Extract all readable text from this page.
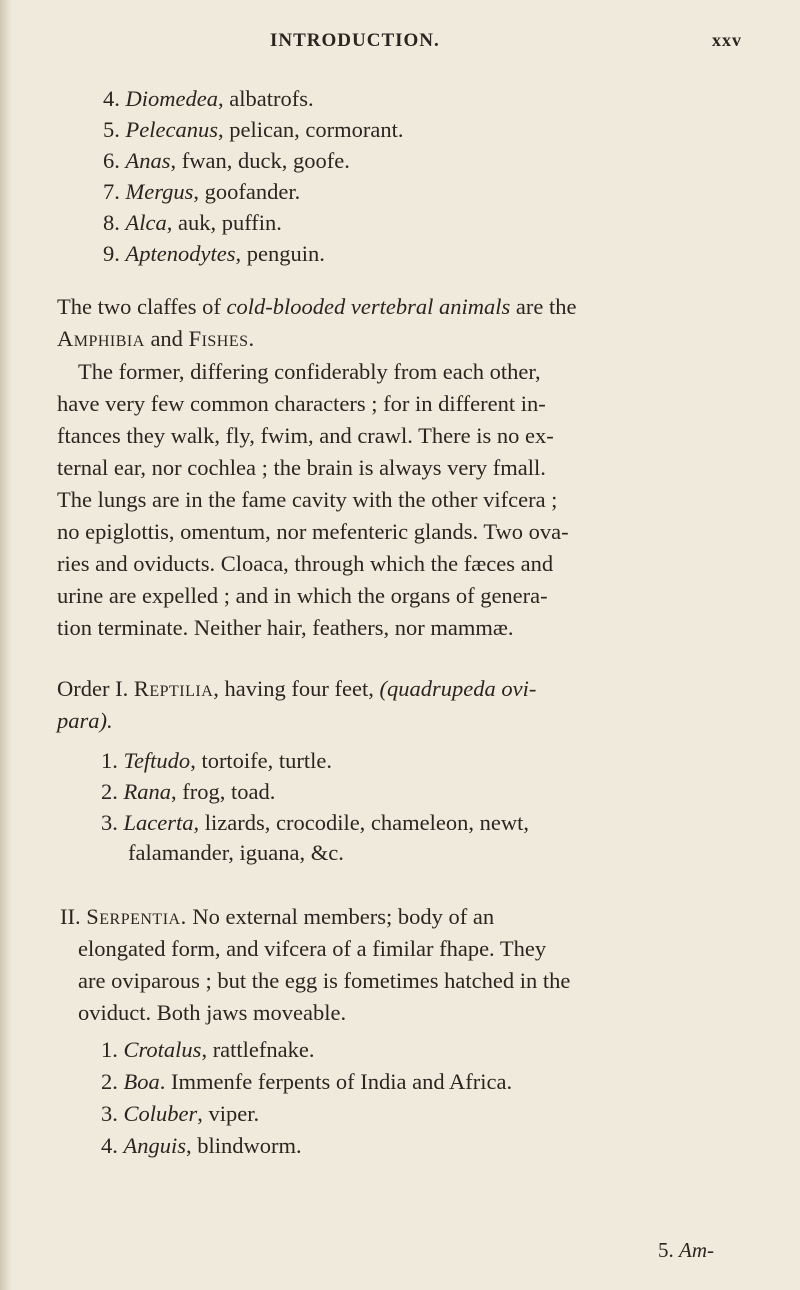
INTRODUCTION.	xxv
4. Diomedea, albatrofs.
5. Pelecanus, pelican, cormorant.
6. Anas, fwan, duck, goofe.
7. Mergus, goofander.
8. Alca, auk, puffin.
9. Aptenodytes, penguin.
The two claffes of cold-blooded vertebral animals are the
Amphibia and Fishes.
The former, differing confiderably from each other,
have very few common characters ; for in different in-
ftances they walk, fly, fwim, and crawl. There is no ex-
ternal ear, nor cochlea ; the brain is always very fmall.
The lungs are in the fame cavity with the other vifcera ;
no epiglottis, omentum, nor mefenteric glands. Two ova-
ries and oviducts. Cloaca, through which the fæces and
urine are expelled ; and in which the organs of genera-
tion terminate. Neither hair, feathers, nor mammæ.
Order I. Reptilia, having four feet, (quadrupeda ovi-
para).
1. Teftudo, tortoife, turtle.
2. Rana, frog, toad.
3. Lacerta, lizards, crocodile, chameleon, newt,
falamander, iguana, &c.
II. Serpentia. No external members; body of an
elongated form, and vifcera of a fimilar fhape. They
are oviparous ; but the egg is fometimes hatched in the
oviduct. Both jaws moveable.
1. Crotalus, rattlefnake.
2. Boa. Immenfe ferpents of India and Africa.
3. Coluber, viper.
4. Anguis, blindworm.
5. Am-
